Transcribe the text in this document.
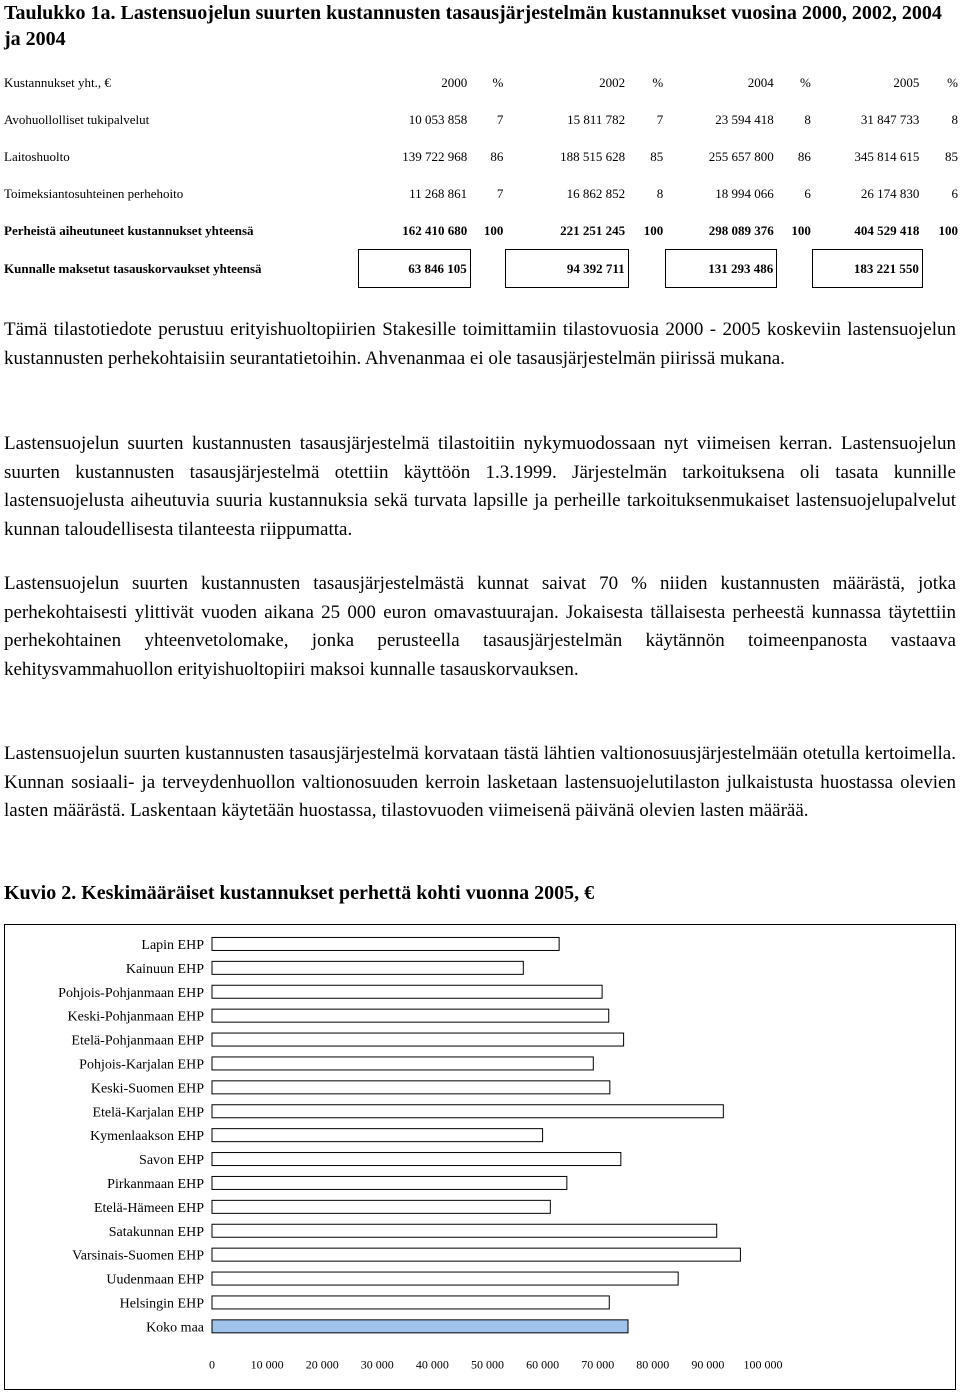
Taulukko 1a. Lastensuojelun suurten kustannusten tasausjärjestelmän kustannukset vuosina 2000, 2002, 2004 ja 2004
Kustannukset yht., €	2000	%	2002	%	2004	%	2005	%
Avohuollolliset tukipalvelut	10 053 858	7	15 811 782	7	23 594 418	8	31 847 733	8
Laitoshuolto	139 722 968	86	188 515 628	85	255 657 800	86	345 814 615	85
Toimeksiantosuhteinen perhehoito	11 268 861	7	16 862 852	8	18 994 066	6	26 174 830	6
Perheistä aiheutuneet kustannukset yhteensä	162 410 680	100	221 251 245	100	298 089 376	100	404 529 418	100
Kunnalle maksetut tasauskorvaukset yhteensä	63 846 105		94 392 711		131 293 486		183 221 550	

Tämä tilastotiedote perustuu erityishuoltopiirien Stakesille toimittamiin tilastovuosia 2000 - 2005 koskeviin lastensuojelun kustannusten perhekohtaisiin seurantatietoihin. Ahvenanmaa ei ole tasausjärjestelmän piirissä mukana.

Lastensuojelun suurten kustannusten tasausjärjestelmä tilastoitiin nykymuodossaan nyt viimeisen kerran. Lastensuojelun suurten kustannusten tasausjärjestelmä otettiin käyttöön 1.3.1999. Järjestelmän tarkoituksena oli tasata kunnille lastensuojelusta aiheutuvia suuria kustannuksia sekä turvata lapsille ja perheille tarkoituksenmukaiset lastensuojelupalvelut kunnan taloudellisesta tilanteesta riippumatta.

Lastensuojelun suurten kustannusten tasausjärjestelmästä kunnat saivat 70 % niiden kustannusten määrästä, jotka perhekohtaisesti ylittivät vuoden aikana 25 000 euron omavastuurajan. Jokaisesta tällaisesta perheestä kunnassa täytettiin perhekohtainen yhteenvetolomake, jonka perusteella tasausjärjestelmän käytännön toimeenpanosta vastaava kehitysvammahuollon erityishuoltopiiri maksoi kunnalle tasauskorvauksen.

Lastensuojelun suurten kustannusten tasausjärjestelmä korvataan tästä lähtien valtionosuusjärjestelmään otetulla kertoimella. Kunnan sosiaali- ja terveydenhuollon valtionosuuden kerroin lasketaan lastensuojelutilaston julkaistusta huostassa olevien lasten määrästä. Laskentaan käytetään huostassa, tilastovuoden viimeisenä päivänä olevien lasten määrää.

Kuvio 2. Keskimääräiset kustannukset perhettä kohti vuonna 2005, €
Lapin EHP
Kainuun EHP
Pohjois-Pohjanmaan EHP
Keski-Pohjanmaan EHP
Etelä-Pohjanmaan EHP
Pohjois-Karjalan EHP
Keski-Suomen EHP
Etelä-Karjalan EHP
Kymenlaakson EHP
Savon EHP
Pirkanmaan EHP
Etelä-Hämeen EHP
Satakunnan EHP
Varsinais-Suomen EHP
Uudenmaan EHP
Helsingin EHP
Koko maa
0	10 000 20 000 30 000 40 000 50 000 60 000 70 000 80 000 90 000 100 000
